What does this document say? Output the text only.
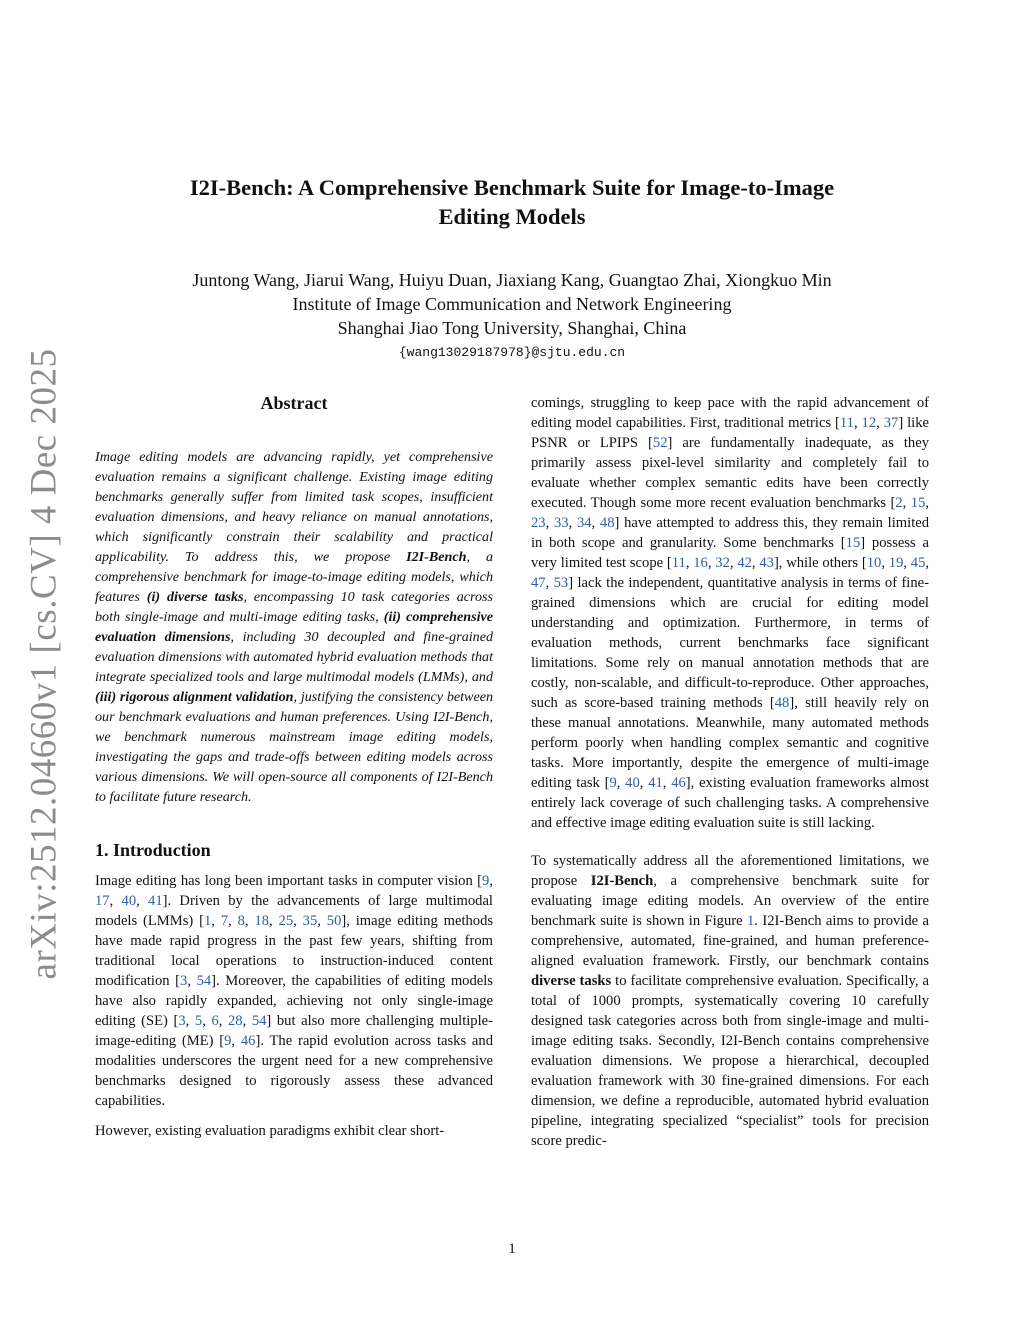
arXiv:2512.04660v1 [cs.CV] 4 Dec 2025
I2I-Bench: A Comprehensive Benchmark Suite for Image-to-Image
Editing Models
Juntong Wang, Jiarui Wang, Huiyu Duan, Jiaxiang Kang, Guangtao Zhai, Xiongkuo Min
Institute of Image Communication and Network Engineering
Shanghai Jiao Tong University, Shanghai, China
{wang13029187978}@sjtu.edu.cn
Abstract

Image editing models are advancing rapidly, yet comprehensive evaluation remains a significant challenge. Existing image editing benchmarks generally suffer from limited task scopes, insufficient evaluation dimensions, and heavy reliance on manual annotations, which significantly constrain their scalability and practical applicability. To address this, we propose I2I-Bench, a comprehensive benchmark for image-to-image editing models, which features (i) diverse tasks, encompassing 10 task categories across both single-image and multi-image editing tasks, (ii) comprehensive evaluation dimensions, including 30 decoupled and fine-grained evaluation dimensions with automated hybrid evaluation methods that integrate specialized tools and large multimodal models (LMMs), and (iii) rigorous alignment validation, justifying the consistency between our benchmark evaluations and human preferences. Using I2I-Bench, we benchmark numerous mainstream image editing models, investigating the gaps and trade-offs between editing models across various dimensions. We will open-source all components of I2I-Bench to facilitate future research.

1. Introduction

Image editing has long been important tasks in computer vision [9, 17, 40, 41]. Driven by the advancements of large multimodal models (LMMs) [1, 7, 8, 18, 25, 35, 50], image editing methods have made rapid progress in the past few years, shifting from traditional local operations to instruction-induced content modification [3, 54]. Moreover, the capabilities of editing models have also rapidly expanded, achieving not only single-image editing (SE) [3, 5, 6, 28, 54] but also more challenging multiple-image-editing (ME) [9, 46]. The rapid evolution across tasks and modalities underscores the urgent need for a new comprehensive benchmarks designed to rigorously assess these advanced capabilities.

However, existing evaluation paradigms exhibit clear short-

comings, struggling to keep pace with the rapid advancement of editing model capabilities. First, traditional metrics [11, 12, 37] like PSNR or LPIPS [52] are fundamentally inadequate, as they primarily assess pixel-level similarity and completely fail to evaluate whether complex semantic edits have been correctly executed. Though some more recent evaluation benchmarks [2, 15, 23, 33, 34, 48] have attempted to address this, they remain limited in both scope and granularity. Some benchmarks [15] possess a very limited test scope [11, 16, 32, 42, 43], while others [10, 19, 45, 47, 53] lack the independent, quantitative analysis in terms of fine-grained dimensions which are crucial for editing model understanding and optimization. Furthermore, in terms of evaluation methods, current benchmarks face significant limitations. Some rely on manual annotation methods that are costly, non-scalable, and difficult-to-reproduce. Other approaches, such as score-based training methods [48], still heavily rely on these manual annotations. Meanwhile, many automated methods perform poorly when handling complex semantic and cognitive tasks. More importantly, despite the emergence of multi-image editing task [9, 40, 41, 46], existing evaluation frameworks almost entirely lack coverage of such challenging tasks. A comprehensive and effective image editing evaluation suite is still lacking.

To systematically address all the aforementioned limitations, we propose I2I-Bench, a comprehensive benchmark suite for evaluating image editing models. An overview of the entire benchmark suite is shown in Figure 1. I2I-Bench aims to provide a comprehensive, automated, fine-grained, and human preference-aligned evaluation framework. Firstly, our benchmark contains diverse tasks to facilitate comprehensive evaluation. Specifically, a total of 1000 prompts, systematically covering 10 carefully designed task categories across both from single-image and multi-image editing tsaks. Secondly, I2I-Bench contains comprehensive evaluation dimensions. We propose a hierarchical, decoupled evaluation framework with 30 fine-grained dimensions. For each dimension, we define a reproducible, automated hybrid evaluation pipeline, integrating specialized “specialist” tools for precision score predic-

1
